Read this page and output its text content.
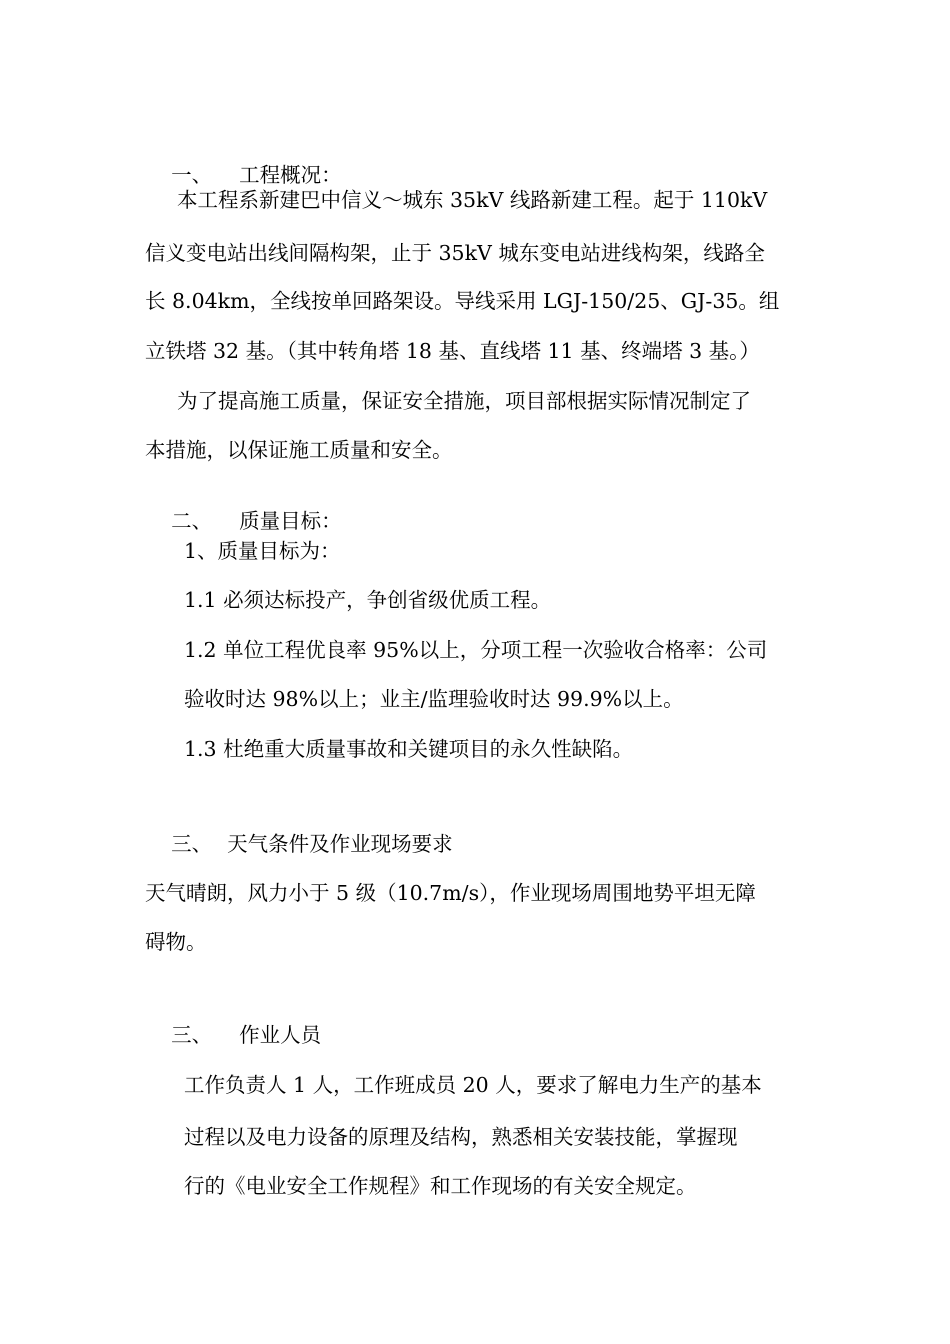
一、 工程概况：

本工程系新建巴中信义～城东 35kV 线路新建工程。起于 110kV
信义变电站出线间隔构架，止于 35kV 城东变电站进线构架，线路全
长 8.04km，全线按单回路架设。导线采用 LGJ-150/25、GJ-35。组
立铁塔 32 基。（其中转角塔 18 基、直线塔 11 基、终端塔 3 基。）
为了提高施工质量，保证安全措施，项目部根据实际情况制定了
本措施，以保证施工质量和安全。

二、 质量目标：

1、质量目标为：
1.1 必须达标投产，争创省级优质工程。
1.2 单位工程优良率 95%以上，分项工程一次验收合格率：公司
验收时达 98%以上；业主/监理验收时达 99.9%以上。
1.3 杜绝重大质量事故和关键项目的永久性缺陷。

三、 天气条件及作业现场要求

天气晴朗，风力小于 5 级（10.7m/s），作业现场周围地势平坦无障
碍物。

三、 作业人员

工作负责人 1 人，工作班成员 20 人，要求了解电力生产的基本
过程以及电力设备的原理及结构，熟悉相关安装技能，掌握现
行的《电业安全工作规程》和工作现场的有关安全规定。
